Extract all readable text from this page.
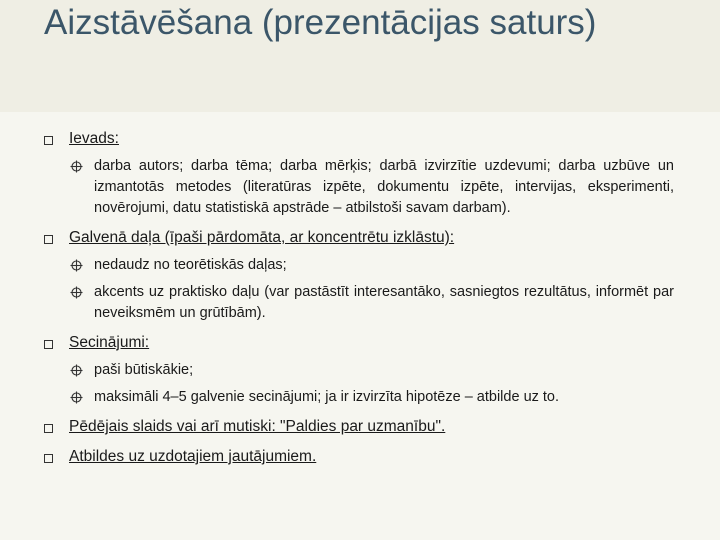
Aizstāvēšana (prezentācijas saturs)
Ievads:
darba autors; darba tēma; darba mērķis; darbā izvirzītie uzdevumi; darba uzbūve un izmantotās metodes (literatūras izpēte, dokumentu izpēte, intervijas, eksperimenti, novērojumi, datu statistiskā apstrāde – atbilstoši savam darbam).
Galvenā daļa (īpaši pārdomāta, ar koncentrētu izklāstu):
nedaudz no teorētiskās daļas;
akcents uz praktisko daļu (var pastāstīt interesantāko, sasniegtos rezultātus, informēt par neveiksmēm un grūtībām).
Secinājumi:
paši būtiskākie;
maksimāli 4–5 galvenie secinājumi; ja ir izvirzīta hipotēze – atbilde uz to.
Pēdējais slaids vai arī mutiski: "Paldies par uzmanību".
Atbildes uz uzdotajiem jautājumiem.
